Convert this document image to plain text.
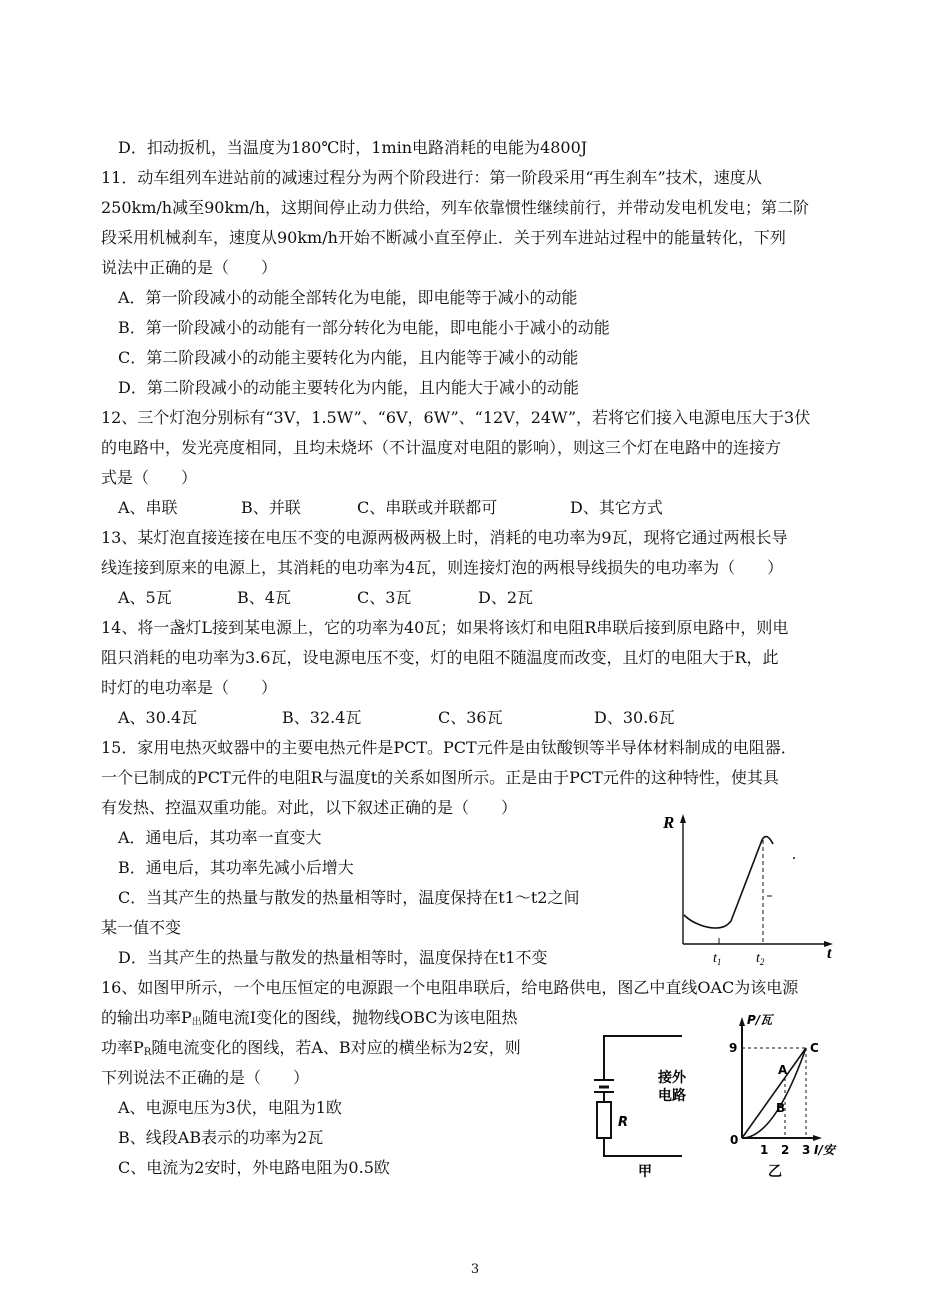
D．扣动扳机，当温度为180℃时，1min电路消耗的电能为4800J
11．动车组列车进站前的减速过程分为两个阶段进行：第一阶段采用“再生刹车”技术，速度从
250km/h减至90km/h，这期间停止动力供给，列车依靠惯性继续前行，并带动发电机发电；第二阶
段采用机械刹车，速度从90km/h开始不断减小直至停止．关于列车进站过程中的能量转化，下列
说法中正确的是（　　）
A．第一阶段减小的动能全部转化为电能，即电能等于减小的动能
B．第一阶段减小的动能有一部分转化为电能，即电能小于减小的动能
C．第二阶段减小的动能主要转化为内能，且内能等于减小的动能
D．第二阶段减小的动能主要转化为内能，且内能大于减小的动能
12、三个灯泡分别标有“3V，1.5W”、“6V，6W”、“12V，24W”，若将它们接入电源电压大于3伏
的电路中，发光亮度相同，且均未烧坏（不计温度对电阻的影响），则这三个灯在电路中的连接方
式是（　　）
A、串联	B、并联	C、串联或并联都可	D、其它方式
13、某灯泡直接连接在电压不变的电源两极两极上时，消耗的电功率为9瓦，现将它通过两根长导
线连接到原来的电源上，其消耗的电功率为4瓦，则连接灯泡的两根导线损失的电功率为（　　）
A、5瓦	B、4瓦	C、3瓦	D、2瓦
14、将一盏灯L接到某电源上，它的功率为40瓦；如果将该灯和电阻R串联后接到原电路中，则电
阻只消耗的电功率为3.6瓦，设电源电压不变，灯的电阻不随温度而改变，且灯的电阻大于R，此
时灯的电功率是（　　）
A、30.4瓦	B、32.4瓦	C、36瓦	D、30.6瓦
15．家用电热灭蚊器中的主要电热元件是PCT。PCT元件是由钛酸钡等半导体材料制成的电阻器．
一个已制成的PCT元件的电阻R与温度t的关系如图所示。正是由于PCT元件的这种特性，使其具
有发热、控温双重功能。对此，以下叙述正确的是（　　）
A．通电后，其功率一直变大
B．通电后，其功率先减小后增大
C．当其产生的热量与散发的热量相等时，温度保持在t1～t2之间
某一值不变
D．当其产生的热量与散发的热量相等时，温度保持在t1不变
R
t
$t_1$ $t_2$
16、如图甲所示，一个电压恒定的电源跟一个电阻串联后，给电路供电，图乙中直线OAC为该电源
的输出功率$P_出$随电流I变化的图线，抛物线OBC为该电阻热
功率$P_R$随电流变化的图线，若A、B对应的横坐标为2安，则
下列说法不正确的是（　　）
A、电源电压为3伏，电阻为1欧
B、线段AB表示的功率为2瓦
C、电流为2安时，外电路电阻为0.5欧
R
接外
电路
甲
P/瓦
9
0
C
A
B
1 2 3 I/安
乙
3
